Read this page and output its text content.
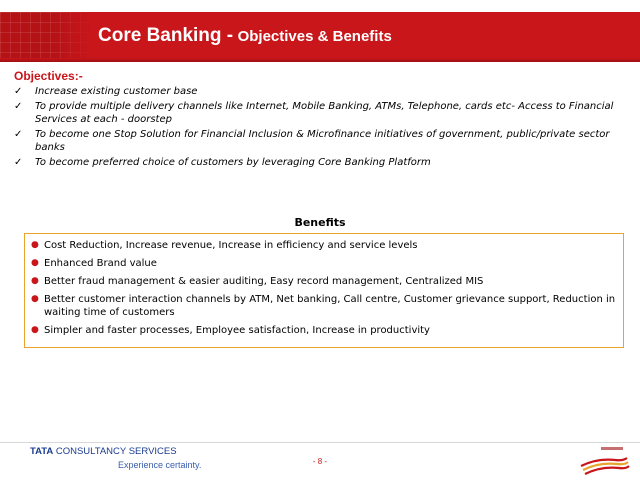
Core Banking - Objectives & Benefits
Objectives:-
✓ Increase existing customer base
✓ To provide multiple delivery channels like Internet, Mobile Banking, ATMs, Telephone, cards etc- Access to Financial Services at each - doorstep
✓ To become one Stop Solution for Financial Inclusion & Microfinance initiatives of government, public/private sector banks
✓ To become preferred choice of customers by leveraging Core Banking Platform
Benefits
● Cost Reduction, Increase revenue, Increase in efficiency and service levels
● Enhanced Brand value
● Better fraud management & easier auditing, Easy record management, Centralized MIS
● Better customer interaction channels by ATM, Net banking, Call centre, Customer grievance support, Reduction in waiting time of customers
● Simpler and faster processes, Employee satisfaction, Increase in productivity
TATA CONSULTANCY SERVICES
Experience certainty.	- 8 -
